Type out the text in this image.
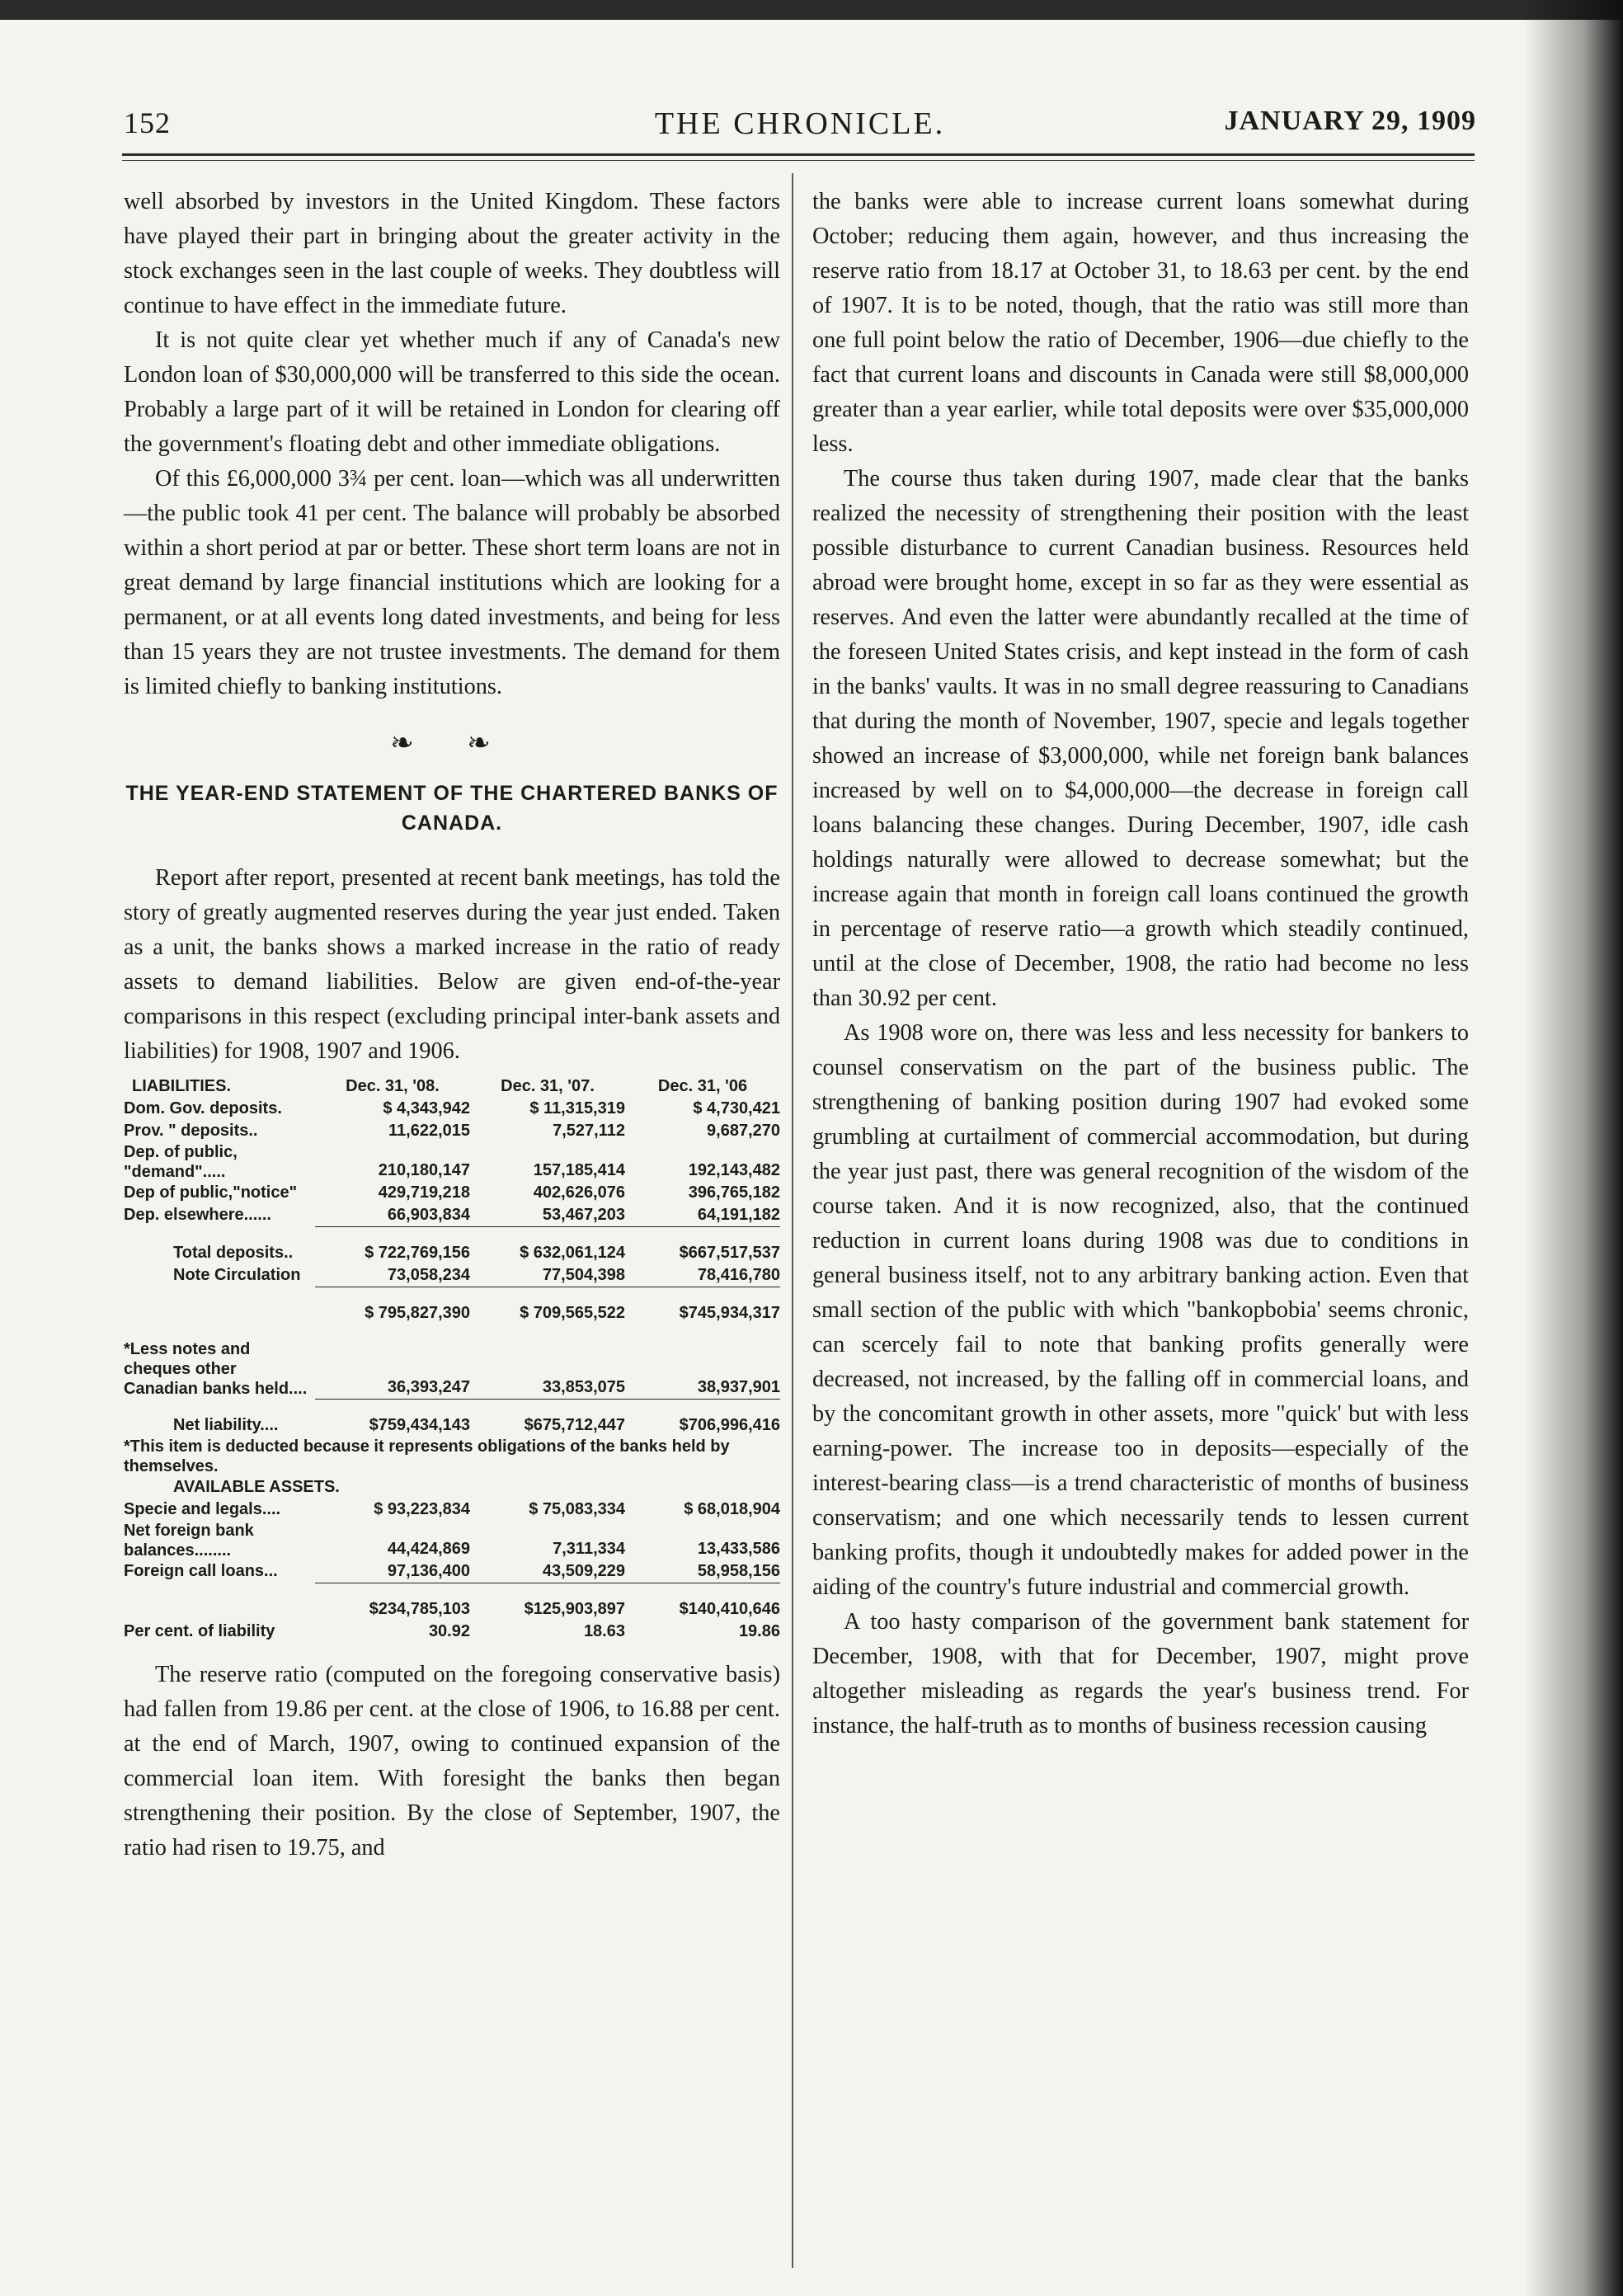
152	THE CHRONICLE.	JANUARY 29, 1909

well absorbed by investors in the United Kingdom. These factors have played their part in bringing about the greater activity in the stock exchanges seen in the last couple of weeks. They doubtless will continue to have effect in the immediate future.

It is not quite clear yet whether much if any of Canada's new London loan of $30,000,000 will be transferred to this side the ocean. Probably a large part of it will be retained in London for clearing off the government's floating debt and other immediate obligations.

Of this £6,000,000 3¾ per cent. loan—which was all underwritten—the public took 41 per cent. The balance will probably be absorbed within a short period at par or better. These short term loans are not in great demand by large financial institutions which are looking for a permanent, or at all events long dated investments, and being for less than 15 years they are not trustee investments. The demand for them is limited chiefly to banking institutions.

❧ ❧
THE YEAR-END STATEMENT OF THE CHARTERED BANKS OF CANADA.

Report after report, presented at recent bank meetings, has told the story of greatly augmented reserves during the year just ended. Taken as a unit, the banks shows a marked increase in the ratio of ready assets to demand liabilities. Below are given end-of-the-year comparisons in this respect (excluding principal inter-bank assets and liabilities) for 1908, 1907 and 1906.

LIABILITIES.	Dec. 31, '08.	Dec. 31, '07.	Dec. 31, '06
Dom. Gov. deposits.	$ 4,343,942	$ 11,315,319	$ 4,730,421
Prov. " deposits..	11,622,015	7,527,112	9,687,270
Dep. of public, "demand".....	210,180,147	157,185,414	192,143,482
Dep of public,"notice"	429,719,218	402,626,076	396,765,182
Dep. elsewhere......	66,903,834	53,467,203	64,191,182

Total deposits..	$ 722,769,156	$ 632,061,124	$667,517,537
Note Circulation	73,058,234	77,504,398	78,416,780

	$ 795,827,390	$ 709,565,522	$745,934,317

*Less notes and cheques other Canadian banks held....	36,393,247	33,853,075	38,937,901

Net liability....	$759,434,143	$675,712,447	$706,996,416
*This item is deducted because it represents obligations of the banks held by themselves.			
AVAILABLE ASSETS.			
Specie and legals....	$ 93,223,834	$ 75,083,334	$ 68,018,904
Net foreign bank balances........	44,424,869	7,311,334	13,433,586
Foreign call loans...	97,136,400	43,509,229	58,958,156

	$234,785,103	$125,903,897	$140,410,646
Per cent. of liability	30.92	18.63	19.86

The reserve ratio (computed on the foregoing conservative basis) had fallen from 19.86 per cent. at the close of 1906, to 16.88 per cent. at the end of March, 1907, owing to continued expansion of the commercial loan item. With foresight the banks then began strengthening their position. By the close of September, 1907, the ratio had risen to 19.75, and

the banks were able to increase current loans somewhat during October; reducing them again, however, and thus increasing the reserve ratio from 18.17 at October 31, to 18.63 per cent. by the end of 1907. It is to be noted, though, that the ratio was still more than one full point below the ratio of December, 1906—due chiefly to the fact that current loans and discounts in Canada were still $8,000,000 greater than a year earlier, while total deposits were over $35,000,000 less.

The course thus taken during 1907, made clear that the banks realized the necessity of strengthening their position with the least possible disturbance to current Canadian business. Resources held abroad were brought home, except in so far as they were essential as reserves. And even the latter were abundantly recalled at the time of the foreseen United States crisis, and kept instead in the form of cash in the banks' vaults. It was in no small degree reassuring to Canadians that during the month of November, 1907, specie and legals together showed an increase of $3,000,000, while net foreign bank balances increased by well on to $4,000,000—the decrease in foreign call loans balancing these changes. During December, 1907, idle cash holdings naturally were allowed to decrease somewhat; but the increase again that month in foreign call loans continued the growth in percentage of reserve ratio—a growth which steadily continued, until at the close of December, 1908, the ratio had become no less than 30.92 per cent.

As 1908 wore on, there was less and less necessity for bankers to counsel conservatism on the part of the business public. The strengthening of banking position during 1907 had evoked some grumbling at curtailment of commercial accommodation, but during the year just past, there was general recognition of the wisdom of the course taken. And it is now recognized, also, that the continued reduction in current loans during 1908 was due to conditions in general business itself, not to any arbitrary banking action. Even that small section of the public with which "bankopbobia' seems chronic, can scercely fail to note that banking profits generally were decreased, not increased, by the falling off in commercial loans, and by the concomitant growth in other assets, more "quick' but with less earning-power. The increase too in deposits—especially of the interest-bearing class—is a trend characteristic of months of business conservatism; and one which necessarily tends to lessen current banking profits, though it undoubtedly makes for added power in the aiding of the country's future industrial and commercial growth.

A too hasty comparison of the government bank statement for December, 1908, with that for December, 1907, might prove altogether misleading as regards the year's business trend. For instance, the half-truth as to months of business recession causing
